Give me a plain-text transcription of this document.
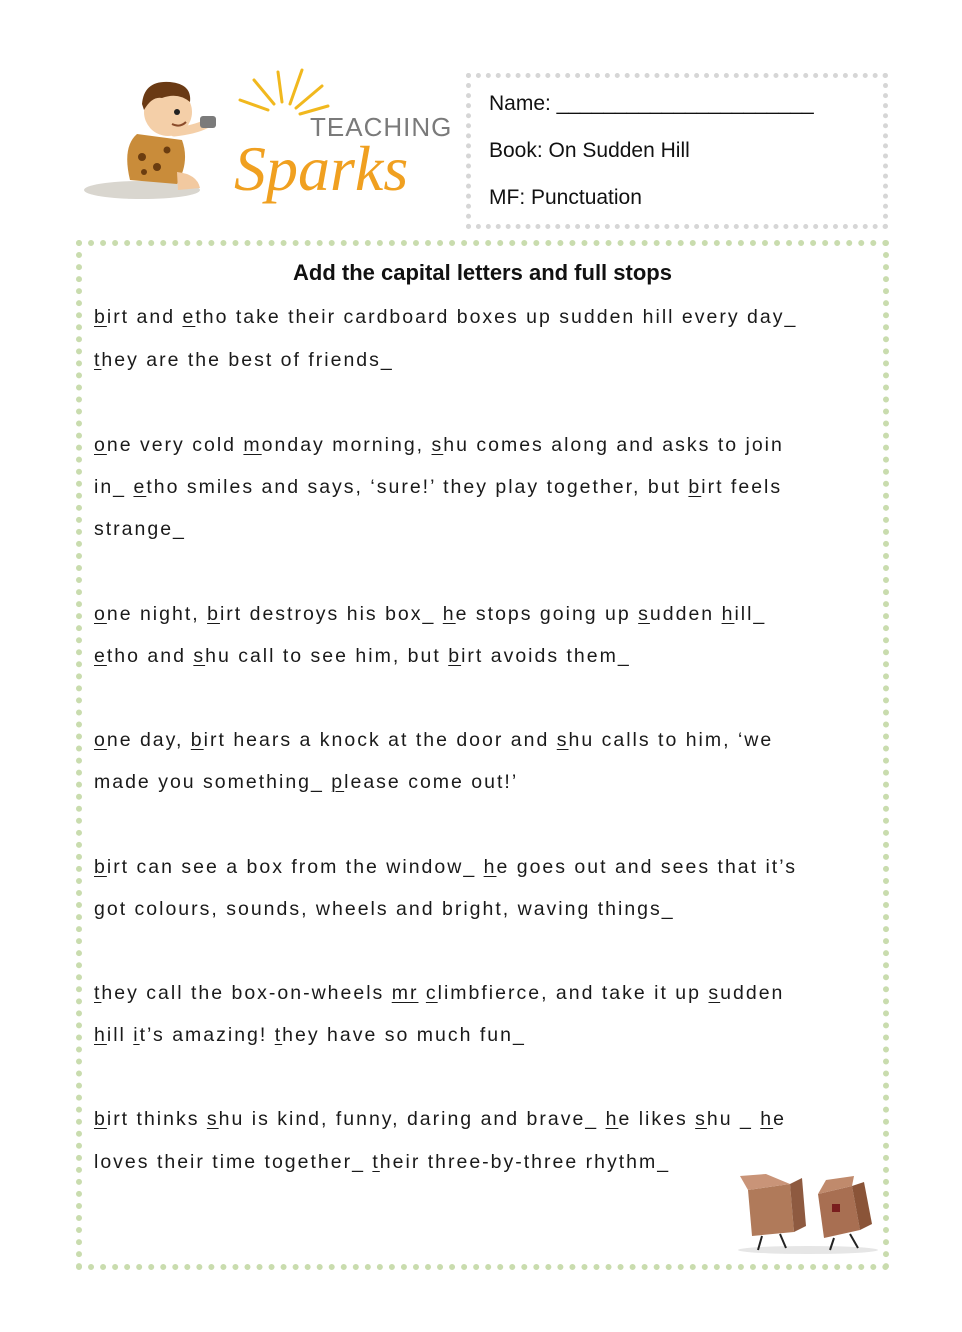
TEACHING
Sparks
Name: ______________________
Book: On Sudden Hill
MF: Punctuation
Add the capital letters and full stops
birt and etho take their cardboard boxes up sudden hill every day_
they are the best of friends_
one very cold monday morning, shu comes along and asks to join
in_ etho smiles and says, ‘sure!’ they play together, but birt feels
strange_
one night, birt destroys his box_ he stops going up sudden hill_
etho and shu call to see him, but birt avoids them_
one day, birt hears a knock at the door and shu calls to him, ‘we
made you something_ please come out!’
birt can see a box from the window_ he goes out and sees that it’s
got colours, sounds, wheels and bright, waving things_
they call the box-on-wheels mr climbfierce, and take it up sudden
hill it’s amazing! they have so much fun_
birt thinks shu is kind, funny, daring and brave_ he likes shu _ he
loves their time together_ their three-by-three rhythm_
